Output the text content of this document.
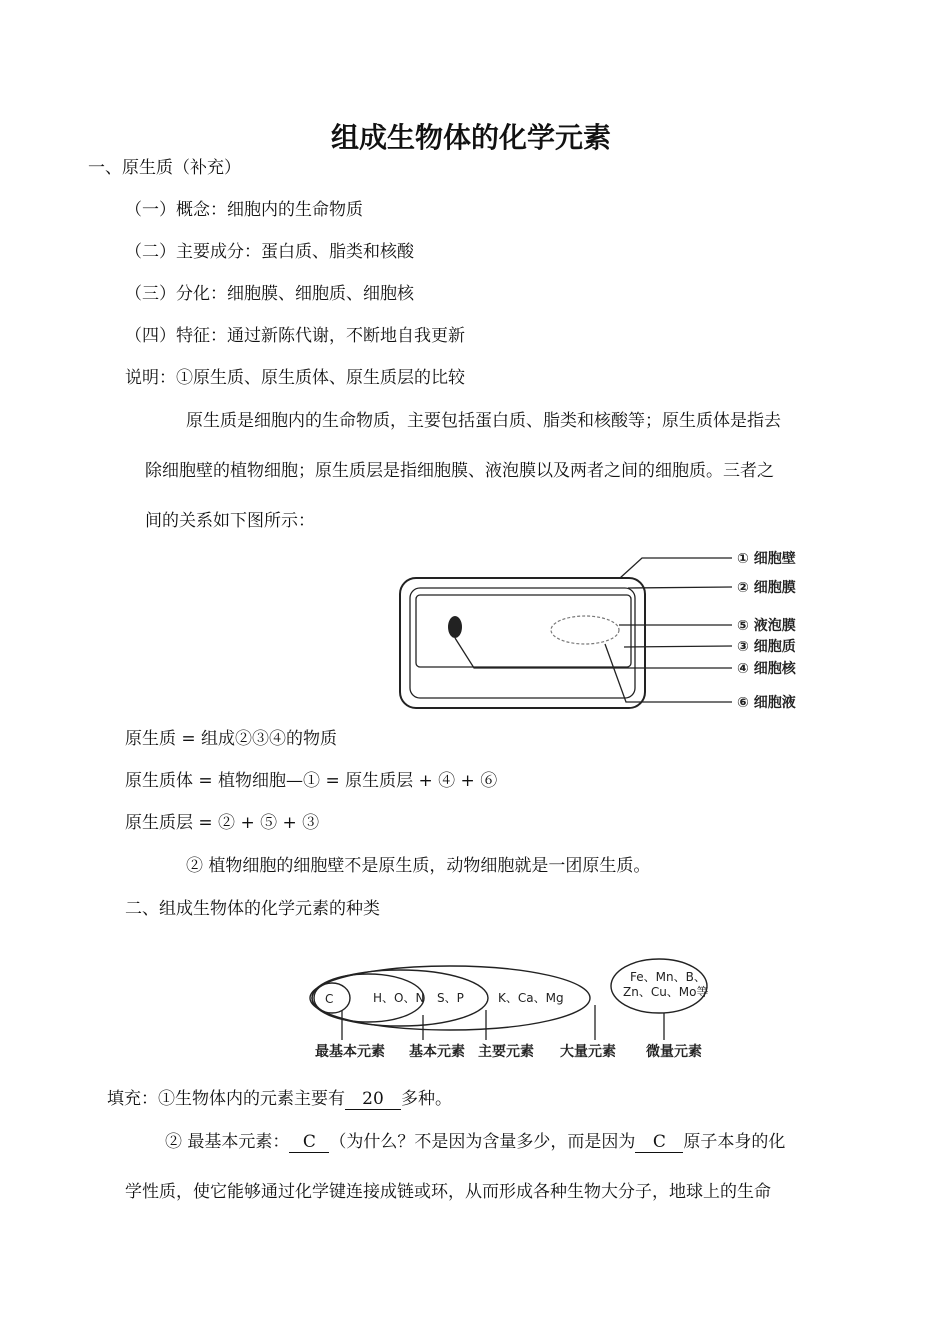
组成生物体的化学元素
一、原生质（补充）
（一）概念：细胞内的生命物质
（二）主要成分：蛋白质、脂类和核酸
（三）分化：细胞膜、细胞质、细胞核
（四）特征：通过新陈代谢，不断地自我更新
说明：①原生质、原生质体、原生质层的比较
原生质是细胞内的生命物质，主要包括蛋白质、脂类和核酸等；原生质体是指去
除细胞壁的植物细胞；原生质层是指细胞膜、液泡膜以及两者之间的细胞质。三者之
间的关系如下图所示：
① 细胞壁
② 细胞膜
⑤ 液泡膜
③ 细胞质
④ 细胞核
⑥ 细胞液
原生质 = 组成②③④的物质
原生质体 = 植物细胞—① = 原生质层 + ④ + ⑥
原生质层 = ② + ⑤ + ③
② 植物细胞的细胞壁不是原生质，动物细胞就是一团原生质。
二、组成生物体的化学元素的种类
C	H、O、N S、P	K、Ca、Mg
Fe、Mn、B、
Zn、Cu、Mo等
最基本元素 基本元素 主要元素 大量元素 微量元素
填充：①生物体内的元素主要有 20 多种。
② 最基本元素： C （为什么？不是因为含量多少，而是因为 C 原子本身的化
学性质，使它能够通过化学键连接成链或环，从而形成各种生物大分子，地球上的生命
